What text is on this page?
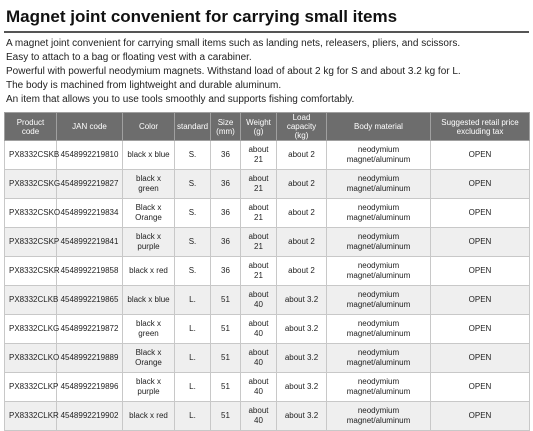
Magnet joint convenient for carrying small items

A magnet joint convenient for carrying small items such as landing nets, releasers, pliers, and scissors.

Easy to attach to a bag or floating vest with a carabiner.

Powerful with powerful neodymium magnets. Withstand load of about 2 kg for S and about 3.2 kg for L.

The body is machined from lightweight and durable aluminum.

An item that allows you to use tools smoothly and supports fishing comfortably.

Product code	JAN code	Color	standard	Size (mm)	Weight (g)	Load capacity (kg)	Body material	Suggested retail price excluding tax
PX8332CSKB	4548992219810	black x blue	S.	36	about 21	about 2	neodymium magnet/aluminum	OPEN
PX8332CSKG	4548992219827	black x green	S.	36	about 21	about 2	neodymium magnet/aluminum	OPEN
PX8332CSKO	4548992219834	Black x Orange	S.	36	about 21	about 2	neodymium magnet/aluminum	OPEN
PX8332CSKP	4548992219841	black x purple	S.	36	about 21	about 2	neodymium magnet/aluminum	OPEN
PX8332CSKR	4548992219858	black x red	S.	36	about 21	about 2	neodymium magnet/aluminum	OPEN
PX8332CLKB	4548992219865	black x blue	L.	51	about 40	about 3.2	neodymium magnet/aluminum	OPEN
PX8332CLKG	4548992219872	black x green	L.	51	about 40	about 3.2	neodymium magnet/aluminum	OPEN
PX8332CLKO	4548992219889	Black x Orange	L.	51	about 40	about 3.2	neodymium magnet/aluminum	OPEN
PX8332CLKP	4548992219896	black x purple	L.	51	about 40	about 3.2	neodymium magnet/aluminum	OPEN
PX8332CLKR	4548992219902	black x red	L.	51	about 40	about 3.2	neodymium magnet/aluminum	OPEN
